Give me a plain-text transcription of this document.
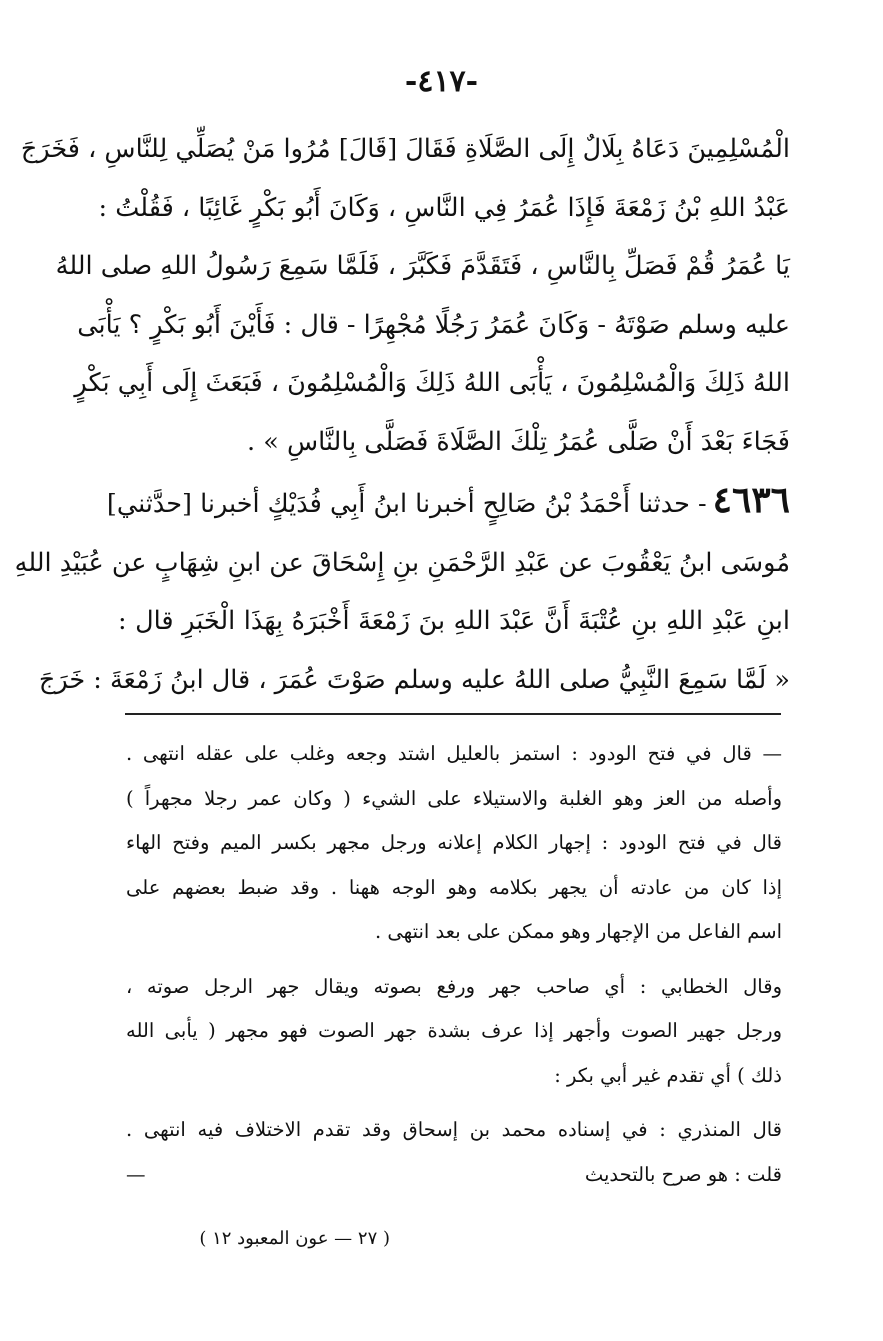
-٤١٧-
الْمُسْلِمِينَ دَعَاهُ بِلَالٌ إِلَى الصَّلَاةِ فَقَالَ [قَالَ] مُرُوا مَنْ يُصَلِّي لِلنَّاسِ ، فَخَرَجَ
عَبْدُ اللهِ بْنُ زَمْعَةَ فَإِذَا عُمَرُ فِي النَّاسِ ، وَكَانَ أَبُو بَكْرٍ غَائِبًا ، فَقُلْتُ :
يَا عُمَرُ قُمْ فَصَلِّ بِالنَّاسِ ، فَتَقَدَّمَ فَكَبَّرَ ، فَلَمَّا سَمِعَ رَسُولُ اللهِ صلى اللهُ
عليه وسلم صَوْتَهُ - وَكَانَ عُمَرُ رَجُلًا مُجْهِرًا - قال : فَأَيْنَ أَبُو بَكْرٍ ؟ يَأْبَى
اللهُ ذَلِكَ وَالْمُسْلِمُونَ ، يَأْبَى اللهُ ذَلِكَ وَالْمُسْلِمُونَ ، فَبَعَثَ إِلَى أَبِي بَكْرٍ
فَجَاءَ بَعْدَ أَنْ صَلَّى عُمَرُ تِلْكَ الصَّلَاةَ فَصَلَّى بِالنَّاسِ » .
٤٦٣٦- حدثنا أَحْمَدُ بْنُ صَالِحٍ أخبرنا ابنُ أَبِي فُدَيْكٍ أخبرنا [حدَّثني]
مُوسَى ابنُ يَعْقُوبَ عن عَبْدِ الرَّحْمَنِ بنِ إِسْحَاقَ عن ابنِ شِهَابٍ عن عُبَيْدِ اللهِ
ابنِ عَبْدِ اللهِ بنِ عُتْبَةَ أَنَّ عَبْدَ اللهِ بنَ زَمْعَةَ أَخْبَرَهُ بِهَذَا الْخَبَرِ قال :
« لَمَّا سَمِعَ النَّبِيُّ صلى اللهُ عليه وسلم صَوْتَ عُمَرَ ، قال ابنُ زَمْعَةَ : خَرَجَ
— قال في فتح الودود : استمز بالعليل اشتد وجعه وغلب على عقله انتهى .
وأصله من العز وهو الغلبة والاستيلاء على الشيء ( وكان عمر رجلا مجهراً )
قال في فتح الودود : إجهار الكلام إعلانه ورجل مجهر بكسر الميم وفتح الهاء
إذا كان من عادته أن يجهر بكلامه وهو الوجه ههنا . وقد ضبط بعضهم على
اسم الفاعل من الإجهار وهو ممكن على بعد انتهى .
وقال الخطابي : أي صاحب جهر ورفع بصوته ويقال جهر الرجل صوته ،
ورجل جهير الصوت وأجهر إذا عرف بشدة جهر الصوت فهو مجهر ( يأبى الله
ذلك ) أي تقدم غير أبي بكر :
قال المنذري : في إسناده محمد بن إسحاق وقد تقدم الاختلاف فيه انتهى .
قلت : هو صرح بالتحديث
—
( ٢٧ — عون المعبود ١٢ )
